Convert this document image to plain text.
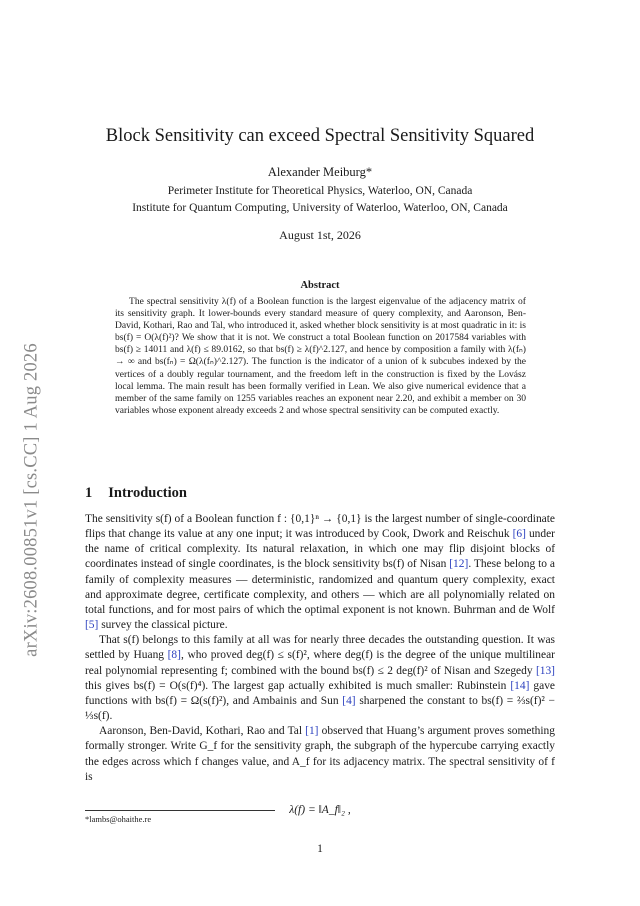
arXiv:2608.00851v1 [cs.CC] 1 Aug 2026
Block Sensitivity can exceed Spectral Sensitivity Squared
Alexander Meiburg*
Perimeter Institute for Theoretical Physics, Waterloo, ON, Canada
Institute for Quantum Computing, University of Waterloo, Waterloo, ON, Canada
August 1st, 2026
Abstract

The spectral sensitivity λ(f) of a Boolean function is the largest eigenvalue of the adjacency matrix of its sensitivity graph. It lower-bounds every standard measure of query complexity, and Aaronson, Ben-David, Kothari, Rao and Tal, who introduced it, asked whether block sensitivity is at most quadratic in it: is bs(f) = O(λ(f)²)? We show that it is not. We construct a total Boolean function on 2017584 variables with bs(f) ≥ 14011 and λ(f) ≤ 89.0162, so that bs(f) ≥ λ(f)^2.127, and hence by composition a family with λ(fₙ) → ∞ and bs(fₙ) = Ω(λ(fₙ)^2.127). The function is the indicator of a union of k subcubes indexed by the vertices of a doubly regular tournament, and the freedom left in the construction is fixed by the Lovász local lemma. The main result has been formally verified in Lean. We also give numerical evidence that a member of the same family on 1255 variables reaches an exponent near 2.20, and exhibit a member on 30 variables whose exponent already exceeds 2 and whose spectral sensitivity can be computed exactly.

1 Introduction

The sensitivity s(f) of a Boolean function f : {0,1}ⁿ → {0,1} is the largest number of single-coordinate flips that change its value at any one input; it was introduced by Cook, Dwork and Reischuk [6] under the name of critical complexity. Its natural relaxation, in which one may flip disjoint blocks of coordinates instead of single coordinates, is the block sensitivity bs(f) of Nisan [12]. These belong to a family of complexity measures — deterministic, randomized and quantum query complexity, exact and approximate degree, certificate complexity, and others — which are all polynomially related on total functions, and for most pairs of which the optimal exponent is not known. Buhrman and de Wolf [5] survey the classical picture.

That s(f) belongs to this family at all was for nearly three decades the outstanding question. It was settled by Huang [8], who proved deg(f) ≤ s(f)², where deg(f) is the degree of the unique multilinear real polynomial representing f; combined with the bound bs(f) ≤ 2 deg(f)² of Nisan and Szegedy [13] this gives bs(f) = O(s(f)⁴). The largest gap actually exhibited is much smaller: Rubinstein [14] gave functions with bs(f) = Ω(s(f)²), and Ambainis and Sun [4] sharpened the constant to bs(f) = ⅔s(f)² − ⅓s(f).

Aaronson, Ben-David, Kothari, Rao and Tal [1] observed that Huang’s argument proves something formally stronger. Write G_f for the sensitivity graph, the subgraph of the hypercube carrying exactly the edges across which f changes value, and A_f for its adjacency matrix. The spectral sensitivity of f is

λ(f) = ‖A_f‖₂ ,
*lambs@ohaithe.re
1
